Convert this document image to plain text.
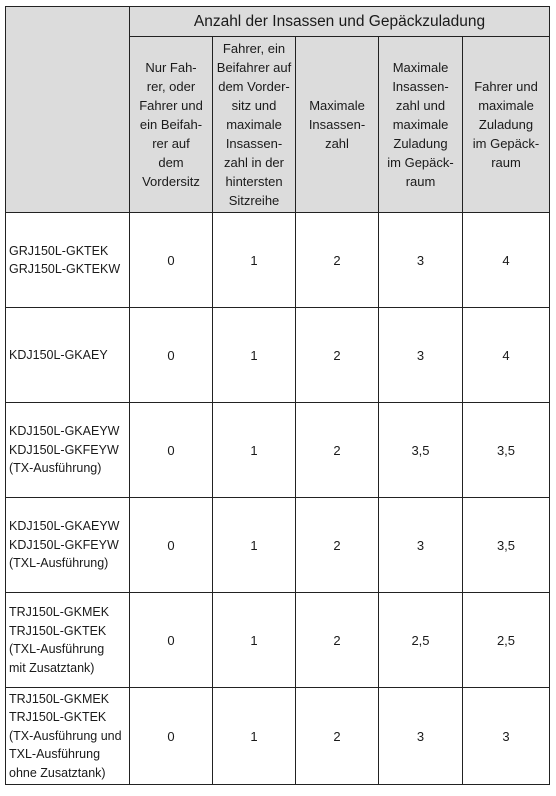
	Anzahl der Insassen und Gepäckzuladung				
	Nur Fah- rer, oder Fahrer und ein Beifah- rer auf dem Vordersitz	Fahrer, ein Beifahrer auf dem Vorder- sitz und maximale Insassen- zahl in der hintersten Sitzreihe	Maximale Insassen- zahl	Maximale Insassen- zahl und maximale Zuladung im Gepäck- raum	Fahrer und maximale Zuladung im Gepäck- raum

GRJ150L-GKTEK
GRJ150L-GKTEKW	0	1	2	3	4

KDJ150L-GKAEY	0	1	2	3	4

KDJ150L-GKAEYW
KDJ150L-GKFEYW
(TX-Ausführung)	0	1	2	3,5	3,5

KDJ150L-GKAEYW
KDJ150L-GKFEYW
(TXL-Ausführung)	0	1	2	3	3,5

TRJ150L-GKMEK
TRJ150L-GKTEK
(TXL-Ausführung
mit Zusatztank)	0	1	2	2,5	2,5

TRJ150L-GKMEK
TRJ150L-GKTEK
(TX-Ausführung und
TXL-Ausführung
ohne Zusatztank)	0	1	2	3	3
